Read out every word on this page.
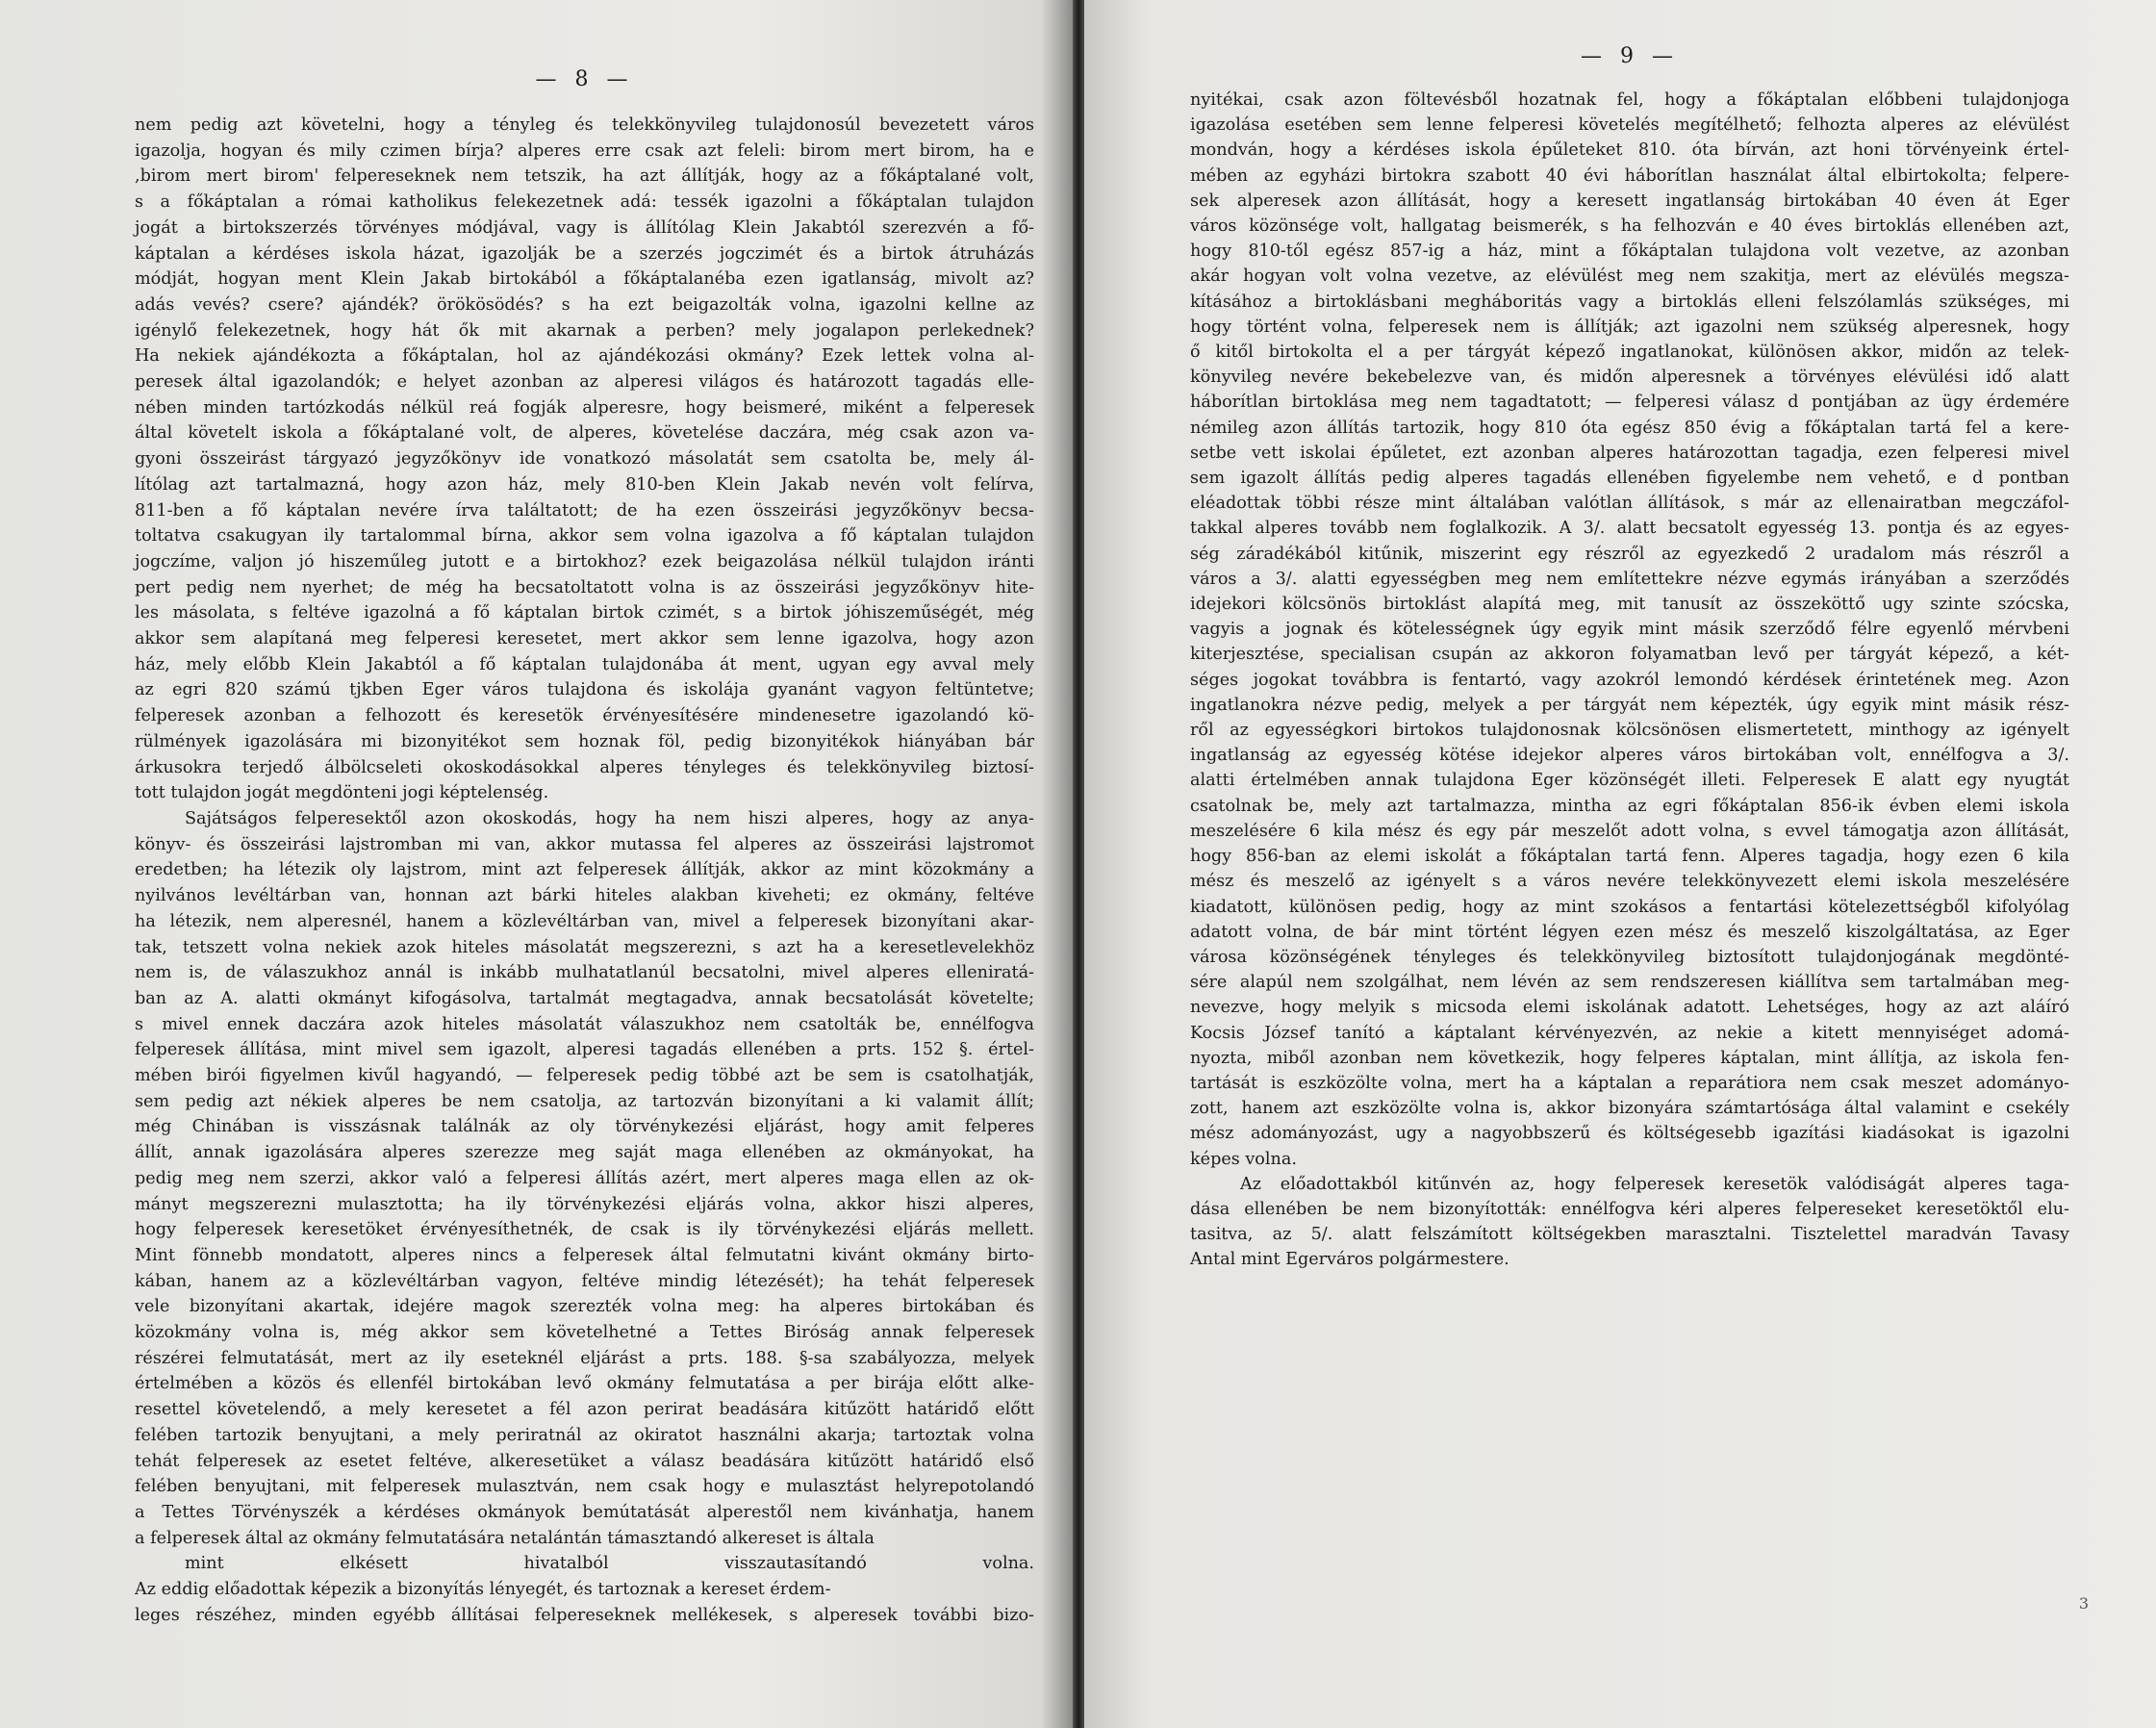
— 8 —
nem pedig azt követelni, hogy a tényleg és telekkönyvileg tulajdonosúl bevezetett város
igazolja, hogyan és mily czimen bírja? alperes erre csak azt feleli: birom mert birom, ha e
,birom mert birom' felpereseknek nem tetszik, ha azt állítják, hogy az a főkáptalané volt,
s a főkáptalan a római katholikus felekezetnek adá: tessék igazolni a főkáptalan tulajdon
jogát a birtokszerzés törvényes módjával, vagy is állítólag Klein Jakabtól szerezvén a fő-
káptalan a kérdéses iskola házat, igazolják be a szerzés jogczimét és a birtok átruházás
módját, hogyan ment Klein Jakab birtokából a főkáptalanéba ezen igatlanság, mivolt az?
adás vevés? csere? ajándék? örökösödés? s ha ezt beigazolták volna, igazolni kellne az
igénylő felekezetnek, hogy hát ők mit akarnak a perben? mely jogalapon perlekednek?
Ha nekiek ajándékozta a főkáptalan, hol az ajándékozási okmány? Ezek lettek volna al-
peresek által igazolandók; e helyet azonban az alperesi világos és határozott tagadás elle-
nében minden tartózkodás nélkül reá fogják alperesre, hogy beismeré, miként a felperesek
által követelt iskola a főkáptalané volt, de alperes, követelése daczára, még csak azon va-
gyoni összeirást tárgyazó jegyzőkönyv ide vonatkozó másolatát sem csatolta be, mely ál-
lítólag azt tartalmazná, hogy azon ház, mely 810-ben Klein Jakab nevén volt felírva,
811-ben a fő káptalan nevére írva találtatott; de ha ezen összeirási jegyzőkönyv becsa-
toltatva csakugyan ily tartalommal bírna, akkor sem volna igazolva a fő káptalan tulajdon
jogczíme, valjon jó hiszeműleg jutott e a birtokhoz? ezek beigazolása nélkül tulajdon iránti
pert pedig nem nyerhet; de még ha becsatoltatott volna is az összeirási jegyzőkönyv hite-
les másolata, s feltéve igazolná a fő káptalan birtok czimét, s a birtok jóhiszeműségét, még
akkor sem alapítaná meg felperesi keresetet, mert akkor sem lenne igazolva, hogy azon
ház, mely előbb Klein Jakabtól a fő káptalan tulajdonába át ment, ugyan egy avval mely
az egri 820 számú tjkben Eger város tulajdona és iskolája gyanánt vagyon feltüntetve;
felperesek azonban a felhozott és keresetök érvényesítésére mindenesetre igazolandó kö-
rülmények igazolására mi bizonyitékot sem hoznak föl, pedig bizonyitékok hiányában bár
árkusokra terjedő álbölcseleti okoskodásokkal alperes tényleges és telekkönyvileg biztosí-
tott tulajdon jogát megdönteni jogi képtelenség.
Sajátságos felperesektől azon okoskodás, hogy ha nem hiszi alperes, hogy az anya-
könyv- és összeirási lajstromban mi van, akkor mutassa fel alperes az összeirási lajstromot
eredetben; ha létezik oly lajstrom, mint azt felperesek állítják, akkor az mint közokmány a
nyilvános levéltárban van, honnan azt bárki hiteles alakban kiveheti; ez okmány, feltéve
ha létezik, nem alperesnél, hanem a közlevéltárban van, mivel a felperesek bizonyítani akar-
tak, tetszett volna nekiek azok hiteles másolatát megszerezni, s azt ha a keresetlevelekhöz
nem is, de válaszukhoz annál is inkább mulhatatlanúl becsatolni, mivel alperes elleniratá-
ban az A. alatti okmányt kifogásolva, tartalmát megtagadva, annak becsatolását követelte;
s mivel ennek daczára azok hiteles másolatát válaszukhoz nem csatolták be, ennélfogva
felperesek állítása, mint mivel sem igazolt, alperesi tagadás ellenében a prts. 152 §. értel-
mében birói figyelmen kivűl hagyandó, — felperesek pedig többé azt be sem is csatolhatják,
sem pedig azt nékiek alperes be nem csatolja, az tartozván bizonyítani a ki valamit állít;
még Chinában is visszásnak találnák az oly törvénykezési eljárást, hogy amit felperes
állít, annak igazolására alperes szerezze meg saját maga ellenében az okmányokat, ha
pedig meg nem szerzi, akkor való a felperesi állítás azért, mert alperes maga ellen az ok-
mányt megszerezni mulasztotta; ha ily törvénykezési eljárás volna, akkor hiszi alperes,
hogy felperesek keresetöket érvényesíthetnék, de csak is ily törvénykezési eljárás mellett.
Mint fönnebb mondatott, alperes nincs a felperesek által felmutatni kivánt okmány birto-
kában, hanem az a közlevéltárban vagyon, feltéve mindig létezését); ha tehát felperesek
vele bizonyítani akartak, idejére magok szerezték volna meg: ha alperes birtokában és
közokmány volna is, még akkor sem követelhetné a Tettes Biróság annak felperesek
részérei felmutatását, mert az ily eseteknél eljárást a prts. 188. §-sa szabályozza, melyek
értelmében a közös és ellenfél birtokában levő okmány felmutatása a per birája előtt alke-
resettel követelendő, a mely keresetet a fél azon perirat beadására kitűzött határidő előtt
felében tartozik benyujtani, a mely periratnál az okiratot használni akarja; tartoztak volna
tehát felperesek az esetet feltéve, alkeresetüket a válasz beadására kitűzött határidő első
felében benyujtani, mit felperesek mulasztván, nem csak hogy e mulasztást helyrepotolandó
a Tettes Törvényszék a kérdéses okmányok bemútatását alperestől nem kivánhatja, hanem
a felperesek által az okmány felmutatására netalántán támasztandó alkereset is általa
mint elkésett hivatalból visszautasítandó volna.
Az eddig előadottak képezik a bizonyítás lényegét, és tartoznak a kereset érdem-
leges részéhez, minden egyébb állításai felpereseknek mellékesek, s alperesek további bizo-
— 9 —
nyitékai, csak azon föltevésből hozatnak fel, hogy a főkáptalan előbbeni tulajdonjoga
igazolása esetében sem lenne felperesi követelés megítélhető; felhozta alperes az elévülést
mondván, hogy a kérdéses iskola épűleteket 810. óta bírván, azt honi törvényeink értel-
mében az egyházi birtokra szabott 40 évi háborítlan használat által elbirtokolta; felpere-
sek alperesek azon állítását, hogy a keresett ingatlanság birtokában 40 éven át Eger
város közönsége volt, hallgatag beismerék, s ha felhozván e 40 éves birtoklás ellenében azt,
hogy 810-től egész 857-ig a ház, mint a főkáptalan tulajdona volt vezetve, az azonban
akár hogyan volt volna vezetve, az elévülést meg nem szakitja, mert az elévülés megsza-
kításához a birtoklásbani megháboritás vagy a birtoklás elleni felszólamlás szükséges, mi
hogy történt volna, felperesek nem is állítják; azt igazolni nem szükség alperesnek, hogy
ő kitől birtokolta el a per tárgyát képező ingatlanokat, különösen akkor, midőn az telek-
könyvileg nevére bekebelezve van, és midőn alperesnek a törvényes elévülési idő alatt
háborítlan birtoklása meg nem tagadtatott; — felperesi válasz d pontjában az ügy érdemére
némileg azon állítás tartozik, hogy 810 óta egész 850 évig a főkáptalan tartá fel a kere-
setbe vett iskolai épűletet, ezt azonban alperes határozottan tagadja, ezen felperesi mivel
sem igazolt állítás pedig alperes tagadás ellenében figyelembe nem vehető, e d pontban
eléadottak többi része mint általában valótlan állítások, s már az ellenairatban megczáfol-
takkal alperes tovább nem foglalkozik. A 3/. alatt becsatolt egyesség 13. pontja és az egyes-
ség záradékából kitűnik, miszerint egy részről az egyezkedő 2 uradalom más részről a
város a 3/. alatti egyességben meg nem említettekre nézve egymás irányában a szerződés
idejekori kölcsönös birtoklást alapítá meg, mit tanusít az összeköttő ugy szinte szócska,
vagyis a jognak és kötelességnek úgy egyik mint másik szerződő félre egyenlő mérvbeni
kiterjesztése, specialisan csupán az akkoron folyamatban levő per tárgyát képező, a két-
séges jogokat továbbra is fentartó, vagy azokról lemondó kérdések érintetének meg. Azon
ingatlanokra nézve pedig, melyek a per tárgyát nem képezték, úgy egyik mint másik rész-
ről az egyességkori birtokos tulajdonosnak kölcsönösen elismertetett, minthogy az igényelt
ingatlanság az egyesség kötése idejekor alperes város birtokában volt, ennélfogva a 3/.
alatti értelmében annak tulajdona Eger közönségét illeti. Felperesek E alatt egy nyugtát
csatolnak be, mely azt tartalmazza, mintha az egri főkáptalan 856-ik évben elemi iskola
meszelésére 6 kila mész és egy pár meszelőt adott volna, s evvel támogatja azon állítását,
hogy 856-ban az elemi iskolát a főkáptalan tartá fenn. Alperes tagadja, hogy ezen 6 kila
mész és meszelő az igényelt s a város nevére telekkönyvezett elemi iskola meszelésére
kiadatott, különösen pedig, hogy az mint szokásos a fentartási kötelezettségből kifolyólag
adatott volna, de bár mint történt légyen ezen mész és meszelő kiszolgáltatása, az Eger
városa közönségének tényleges és telekkönyvileg biztosított tulajdonjogának megdönté-
sére alapúl nem szolgálhat, nem lévén az sem rendszeresen kiállítva sem tartalmában meg-
nevezve, hogy melyik s micsoda elemi iskolának adatott. Lehetséges, hogy az azt aláíró
Kocsis József tanító a káptalant kérvényezvén, az nekie a kitett mennyiséget adomá-
nyozta, miből azonban nem következik, hogy felperes káptalan, mint állítja, az iskola fen-
tartását is eszközölte volna, mert ha a káptalan a reparátiora nem csak meszet adományo-
zott, hanem azt eszközölte volna is, akkor bizonyára számtartósága által valamint e csekély
mész adományozást, ugy a nagyobbszerű és költségesebb igazítási kiadásokat is igazolni
képes volna.
Az előadottakból kitűnvén az, hogy felperesek keresetök valódiságát alperes taga-
dása ellenében be nem bizonyították: ennélfogva kéri alperes felpereseket keresetöktől elu-
tasitva, az 5/. alatt felszámított költségekben marasztalni. Tisztelettel maradván Tavasy
Antal mint Egerváros polgármestere.
3
